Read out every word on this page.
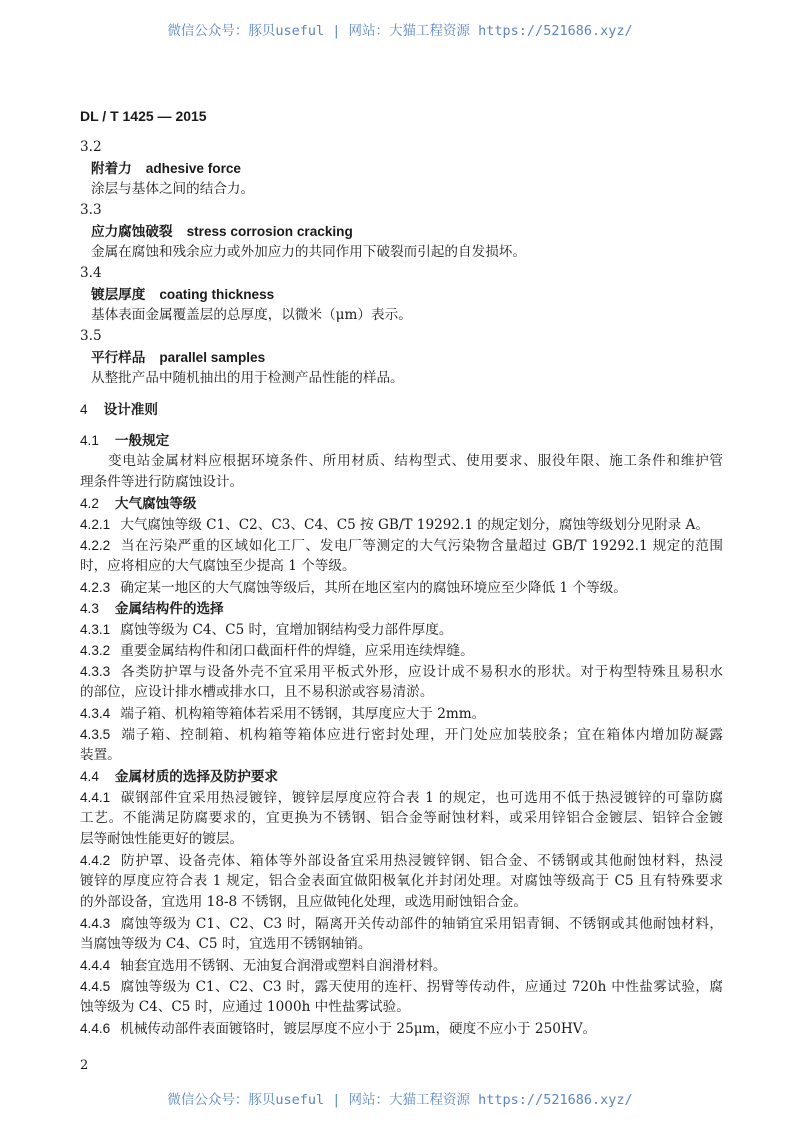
微信公众号：豚贝useful | 网站：大猫工程资源 https://521686.xyz/
DL / T 1425 — 2015
3.2
附着力 adhesive force
涂层与基体之间的结合力。
3.3
应力腐蚀破裂 stress corrosion cracking
金属在腐蚀和残余应力或外加应力的共同作用下破裂而引起的自发损坏。
3.4
镀层厚度 coating thickness
基体表面金属覆盖层的总厚度，以微米（μm）表示。
3.5
平行样品 parallel samples
从整批产品中随机抽出的用于检测产品性能的样品。
4 设计准则
4.1 一般规定
变电站金属材料应根据环境条件、所用材质、结构型式、使用要求、服役年限、施工条件和维护管
理条件等进行防腐蚀设计。
4.2 大气腐蚀等级
4.2.1 大气腐蚀等级 C1、C2、C3、C4、C5 按 GB/T 19292.1 的规定划分，腐蚀等级划分见附录 A。
4.2.2 当在污染严重的区域如化工厂、发电厂等测定的大气污染物含量超过 GB/T 19292.1 规定的范围
时，应将相应的大气腐蚀至少提高 1 个等级。
4.2.3 确定某一地区的大气腐蚀等级后，其所在地区室内的腐蚀环境应至少降低 1 个等级。
4.3 金属结构件的选择
4.3.1 腐蚀等级为 C4、C5 时，宜增加钢结构受力部件厚度。
4.3.2 重要金属结构件和闭口截面杆件的焊缝，应采用连续焊缝。
4.3.3 各类防护罩与设备外壳不宜采用平板式外形，应设计成不易积水的形状。对于构型特殊且易积水
的部位，应设计排水槽或排水口，且不易积淤或容易清淤。
4.3.4 端子箱、机构箱等箱体若采用不锈钢，其厚度应大于 2mm。
4.3.5 端子箱、控制箱、机构箱等箱体应进行密封处理，开门处应加装胶条；宜在箱体内增加防凝露
装置。
4.4 金属材质的选择及防护要求
4.4.1 碳钢部件宜采用热浸镀锌，镀锌层厚度应符合表 1 的规定，也可选用不低于热浸镀锌的可靠防腐
工艺。不能满足防腐要求的，宜更换为不锈钢、铝合金等耐蚀材料，或采用锌铝合金镀层、铝锌合金镀
层等耐蚀性能更好的镀层。
4.4.2 防护罩、设备壳体、箱体等外部设备宜采用热浸镀锌钢、铝合金、不锈钢或其他耐蚀材料，热浸
镀锌的厚度应符合表 1 规定，铝合金表面宜做阳极氧化并封闭处理。对腐蚀等级高于 C5 且有特殊要求
的外部设备，宜选用 18-8 不锈钢，且应做钝化处理，或选用耐蚀铝合金。
4.4.3 腐蚀等级为 C1、C2、C3 时，隔离开关传动部件的轴销宜采用铝青铜、不锈钢或其他耐蚀材料，
当腐蚀等级为 C4、C5 时，宜选用不锈钢轴销。
4.4.4 轴套宜选用不锈钢、无油复合润滑或塑料自润滑材料。
4.4.5 腐蚀等级为 C1、C2、C3 时，露天使用的连杆、拐臂等传动件，应通过 720h 中性盐雾试验，腐
蚀等级为 C4、C5 时，应通过 1000h 中性盐雾试验。
4.4.6 机械传动部件表面镀铬时，镀层厚度不应小于 25μm，硬度不应小于 250HV。
2
微信公众号：豚贝useful | 网站：大猫工程资源 https://521686.xyz/
